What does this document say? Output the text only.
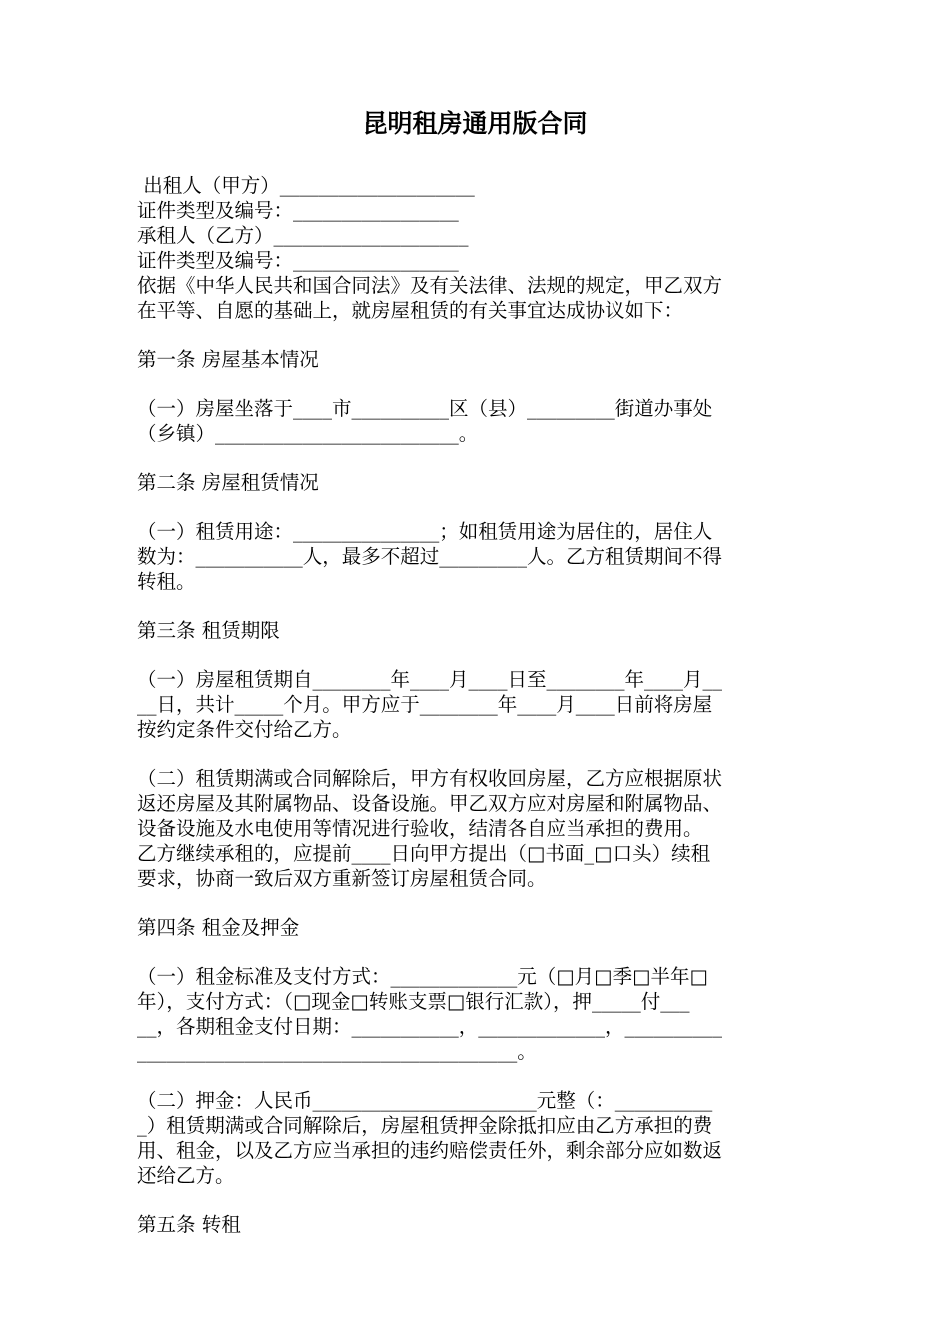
昆明租房通用版合同
出租人（甲方）____________________
证件类型及编号：_________________
承租人（乙方）____________________
证件类型及编号：_________________
依据《中华人民共和国合同法》及有关法律、法规的规定，甲乙双方
在平等、自愿的基础上，就房屋租赁的有关事宜达成协议如下：
第一条 房屋基本情况
（一）房屋坐落于____市__________区（县）_________街道办事处
（乡镇）_________________________。
第二条 房屋租赁情况
（一）租赁用途：_______________；如租赁用途为居住的，居住人
数为：___________人，最多不超过_________人。乙方租赁期间不得
转租。
第三条 租赁期限
（一）房屋租赁期自________年____月____日至________年____月__
__日，共计_____个月。甲方应于________年____月____日前将房屋
按约定条件交付给乙方。
（二）租赁期满或合同解除后，甲方有权收回房屋，乙方应根据原状
返还房屋及其附属物品、设备设施。甲乙双方应对房屋和附属物品、
设备设施及水电使用等情况进行验收，结清各自应当承担的费用。
乙方继续承租的，应提前____日向甲方提出（□书面_□口头）续租
要求，协商一致后双方重新签订房屋租赁合同。
第四条 租金及押金
（一）租金标准及支付方式：_____________元（□月□季□半年□
年），支付方式：（□现金□转账支票□银行汇款），押_____付___
__，各期租金支付日期：___________，_____________，__________
_______________________________________。
（二）押金：人民币_______________________元整（：__________
_）租赁期满或合同解除后，房屋租赁押金除抵扣应由乙方承担的费
用、租金，以及乙方应当承担的违约赔偿责任外，剩余部分应如数返
还给乙方。
第五条 转租
